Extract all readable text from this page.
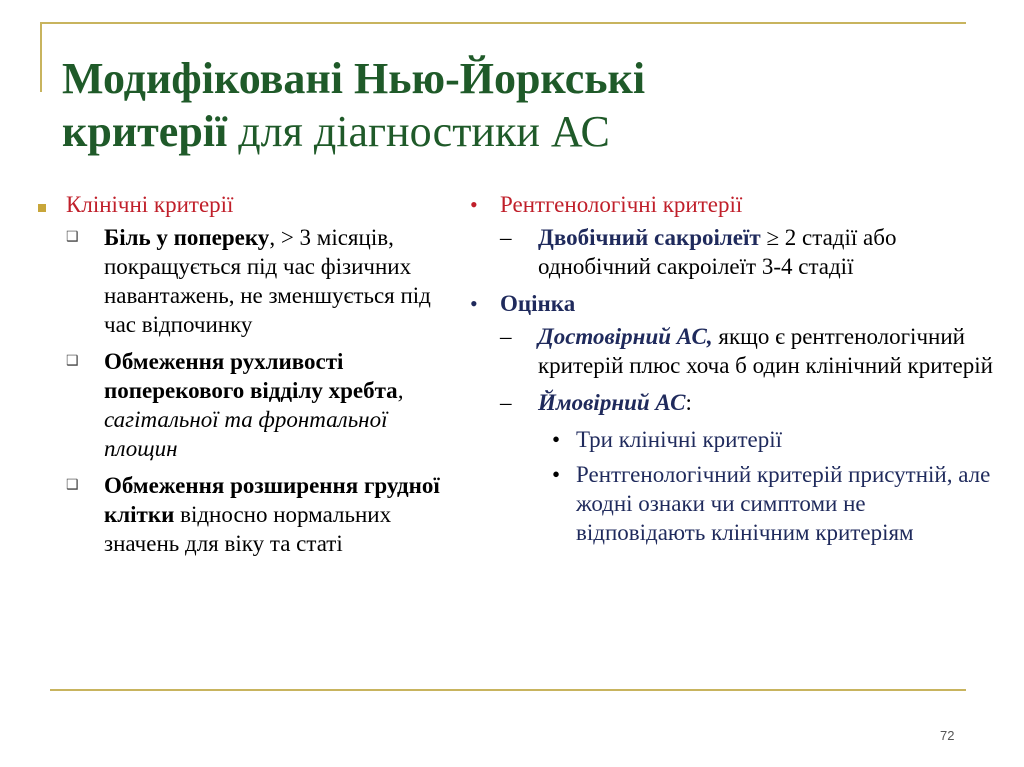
Модифіковані Нью-Йоркські
критерії для діагностики АС
Клінічні критерії
❑ Біль у попереку, > 3 місяців, покращується під час фізичних навантажень, не зменшується під час відпочинку
❑ Обмеження рухливості поперекового відділу хребта, сагітальної та фронтальної площин
❑ Обмеження розширення грудної клітки відносно нормальних значень для віку та статі
• Рентгенологічні критерії
– Двобічний сакроілеїт ≥ 2 стадії або однобічний сакроілеїт 3-4 стадії
• Оцінка
– Достовірний АС, якщо є рентгенологічний критерій плюс хоча б один клінічний критерій
– Ймовірний АС:
• Три клінічні критерії
• Рентгенологічний критерій присутній, але жодні ознаки чи симптоми не відповідають клінічним критеріям
72
